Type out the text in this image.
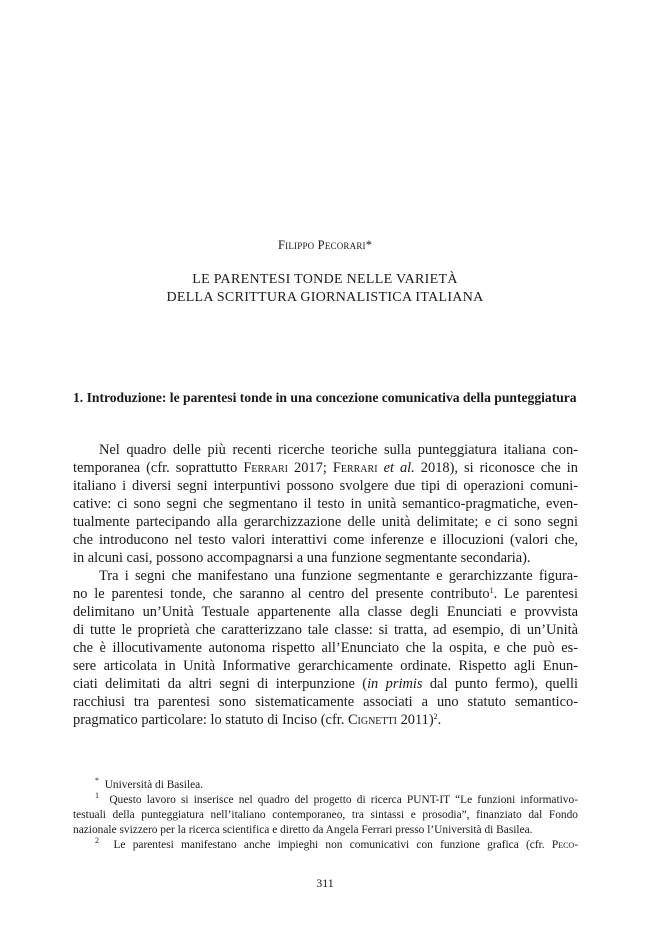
Filippo Pecorari*
LE PARENTESI TONDE NELLE VARIETÀ
DELLA SCRITTURA GIORNALISTICA ITALIANA
1. Introduzione: le parentesi tonde in una concezione comunicativa della punteggiatura
Nel quadro delle più recenti ricerche teoriche sulla punteggiatura italiana con-
temporanea (cfr. soprattutto Ferrari 2017; Ferrari et al. 2018), si riconosce che in
italiano i diversi segni interpuntivi possono svolgere due tipi di operazioni comuni-
cative: ci sono segni che segmentano il testo in unità semantico-pragmatiche, even-
tualmente partecipando alla gerarchizzazione delle unità delimitate; e ci sono segni
che introducono nel testo valori interattivi come inferenze e illocuzioni (valori che,
in alcuni casi, possono accompagnarsi a una funzione segmentante secondaria).
Tra i segni che manifestano una funzione segmentante e gerarchizzante figura-
no le parentesi tonde, che saranno al centro del presente contributo$^1$. Le parentesi
delimitano un’Unità Testuale appartenente alla classe degli Enunciati e provvista
di tutte le proprietà che caratterizzano tale classe: si tratta, ad esempio, di un’Unità
che è illocutivamente autonoma rispetto all’Enunciato che la ospita, e che può es-
sere articolata in Unità Informative gerarchicamente ordinate. Rispetto agli Enun-
ciati delimitati da altri segni di interpunzione (in primis dal punto fermo), quelli
racchiusi tra parentesi sono sistematicamente associati a uno statuto semantico-
pragmatico particolare: lo statuto di Inciso (cfr. Cignetti 2011)$^2$.
* Università di Basilea.
$^1$ Questo lavoro si inserisce nel quadro del progetto di ricerca PUNT-IT “Le funzioni informativo-
testuali della punteggiatura nell’italiano contemporaneo, tra sintassi e prosodia”, finanziato dal Fondo
nazionale svizzero per la ricerca scientifica e diretto da Angela Ferrari presso l’Università di Basilea.
$^2$ Le parentesi manifestano anche impieghi non comunicativi con funzione grafica (cfr. Peco-
311
